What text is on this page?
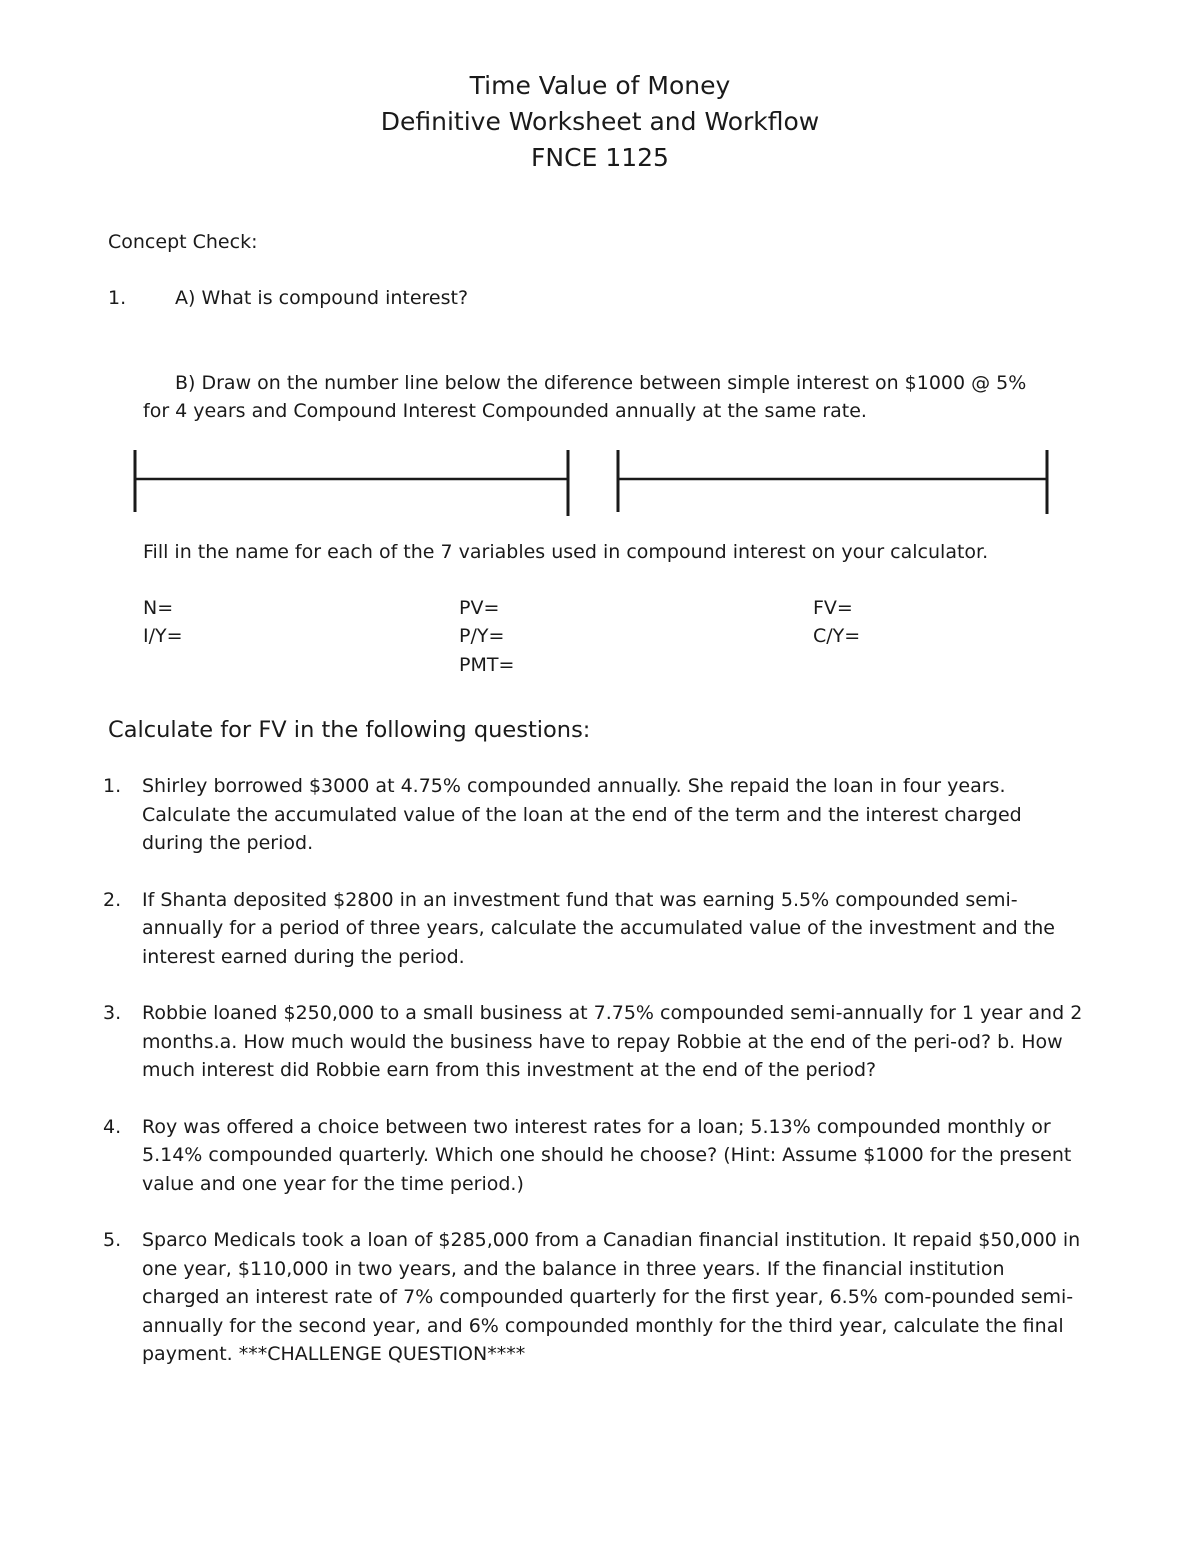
Time Value of Money

Definitive Worksheet and Workflow

FNCE 1125

Concept Check:
1.	A) What is compound interest?
B) Draw on the number line below the diference between simple interest on $1000 @ 5%
for 4 years and Compound Interest Compounded annually at the same rate.
Fill in the name for each of the 7 variables used in compound interest on your calculator.
N=
I/Y=
PV=
P/Y=
PMT=
FV=
C/Y=
Calculate for FV in the following questions:
1. Shirley borrowed $3000 at 4.75% compounded annually. She repaid the loan in four years. Calculate the accumulated value of the loan at the end of the term and the interest charged during the period.
2. If Shanta deposited $2800 in an investment fund that was earning 5.5% compounded semi-annually for a period of three years, calculate the accumulated value of the investment and the interest earned during the period.
3. Robbie loaned $250,000 to a small business at 7.75% compounded semi-annually for 1 year and 2 months.a. How much would the business have to repay Robbie at the end of the peri-od? b. How much interest did Robbie earn from this investment at the end of the period?
4. Roy was offered a choice between two interest rates for a loan; 5.13% compounded monthly or 5.14% compounded quarterly. Which one should he choose? (Hint: Assume $1000 for the present value and one year for the time period.)
5. Sparco Medicals took a loan of $285,000 from a Canadian financial institution. It repaid $50,000 in one year, $110,000 in two years, and the balance in three years. If the financial institution charged an interest rate of 7% compounded quarterly for the first year, 6.5% com-pounded semi-annually for the second year, and 6% compounded monthly for the third year, calculate the final payment. ***CHALLENGE QUESTION****
